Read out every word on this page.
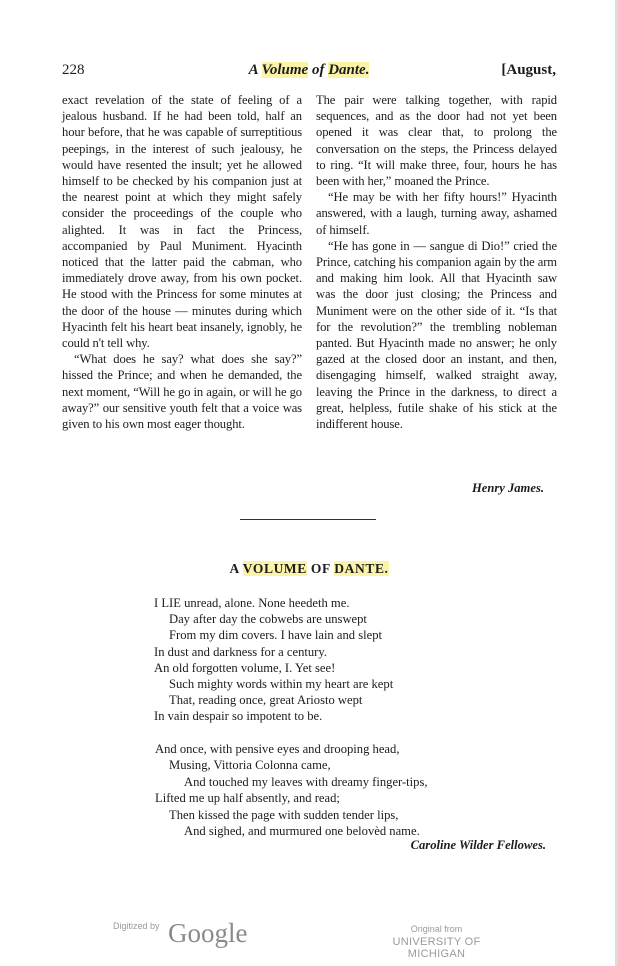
228	A Volume of Dante.	[August,

exact revelation of the state of feeling of a jealous husband. If he had been told, half an hour before, that he was capable of surreptitious peepings, in the interest of such jealousy, he would have resented the insult; yet he allowed himself to be checked by his companion just at the nearest point at which they might safely consider the proceedings of the couple who alighted. It was in fact the Princess, accompanied by Paul Muniment. Hyacinth noticed that the latter paid the cabman, who immediately drove away, from his own pocket. He stood with the Princess for some minutes at the door of the house — minutes during which Hyacinth felt his heart beat insanely, ignobly, he could n't tell why.

“What does he say? what does she say?” hissed the Prince; and when he demanded, the next moment, “Will he go in again, or will he go away?” our sensitive youth felt that a voice was given to his own most eager thought.

The pair were talking together, with rapid sequences, and as the door had not yet been opened it was clear that, to prolong the conversation on the steps, the Princess delayed to ring. “It will make three, four, hours he has been with her,” moaned the Prince.

“He may be with her fifty hours!” Hyacinth answered, with a laugh, turning away, ashamed of himself.

“He has gone in — sangue di Dio!” cried the Prince, catching his companion again by the arm and making him look. All that Hyacinth saw was the door just closing; the Princess and Muniment were on the other side of it. “Is that for the revolution?” the trembling nobleman panted. But Hyacinth made no answer; he only gazed at the closed door an instant, and then, disengaging himself, walked straight away, leaving the Prince in the darkness, to direct a great, helpless, futile shake of his stick at the indifferent house.

Henry James.
A VOLUME OF DANTE.
I LIE unread, alone. None heedeth me.
Day after day the cobwebs are unswept
From my dim covers. I have lain and slept
In dust and darkness for a century.
An old forgotten volume, I. Yet see!
Such mighty words within my heart are kept
That, reading once, great Ariosto wept
In vain despair so impotent to be.
And once, with pensive eyes and drooping head,
Musing, Vittoria Colonna came,
And touched my leaves with dreamy finger-tips,
Lifted me up half absently, and read;
Then kissed the page with sudden tender lips,
And sighed, and murmured one belovèd name.
Caroline Wilder Fellowes.
Digitized by Google	Original from
UNIVERSITY OF MICHIGAN
